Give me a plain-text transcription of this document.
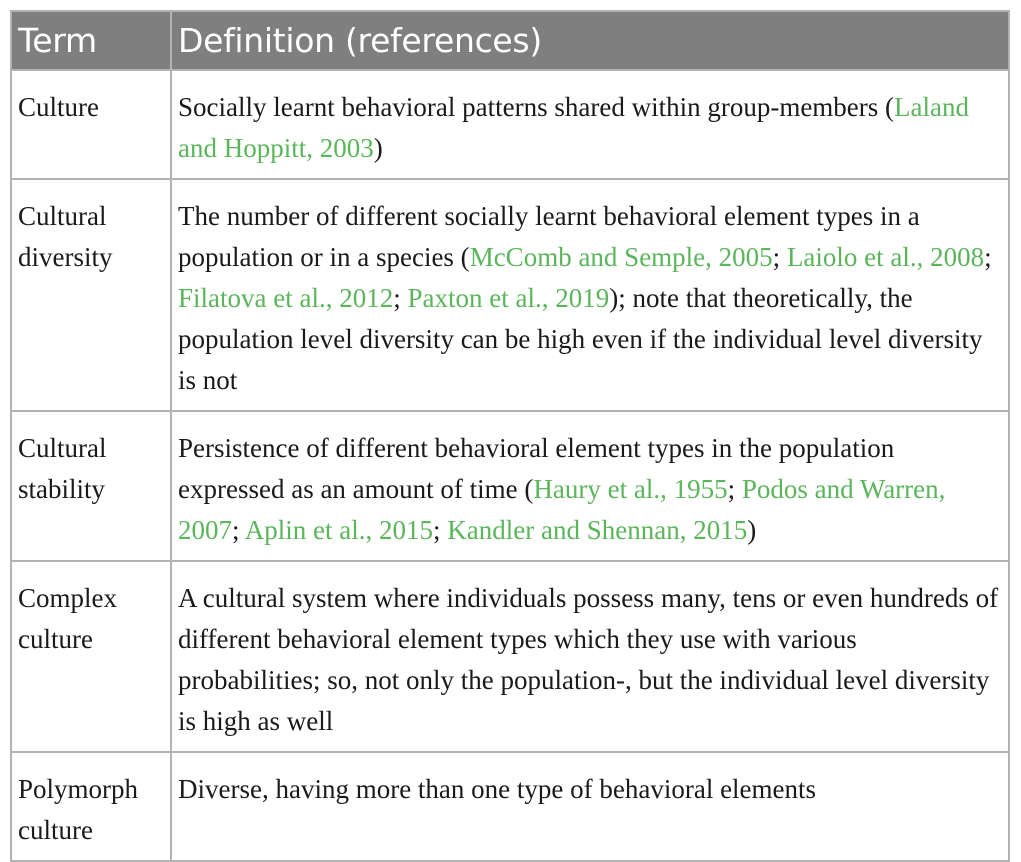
Term	Definition (references)
Culture	Socially learnt behavioral patterns shared within group-members (Laland and Hoppitt, 2003)
Cultural diversity	The number of different socially learnt behavioral element types in a population or in a species (McComb and Semple, 2005; Laiolo et al., 2008; Filatova et al., 2012; Paxton et al., 2019); note that theoretically, the population level diversity can be high even if the individual level diversity is not
Cultural stability	Persistence of different behavioral element types in the population expressed as an amount of time (Haury et al., 1955; Podos and Warren, 2007; Aplin et al., 2015; Kandler and Shennan, 2015)
Complex culture	A cultural system where individuals possess many, tens or even hundreds of different behavioral element types which they use with various probabilities; so, not only the population-, but the individual level diversity is high as well
Polymorph culture	Diverse, having more than one type of behavioral elements
